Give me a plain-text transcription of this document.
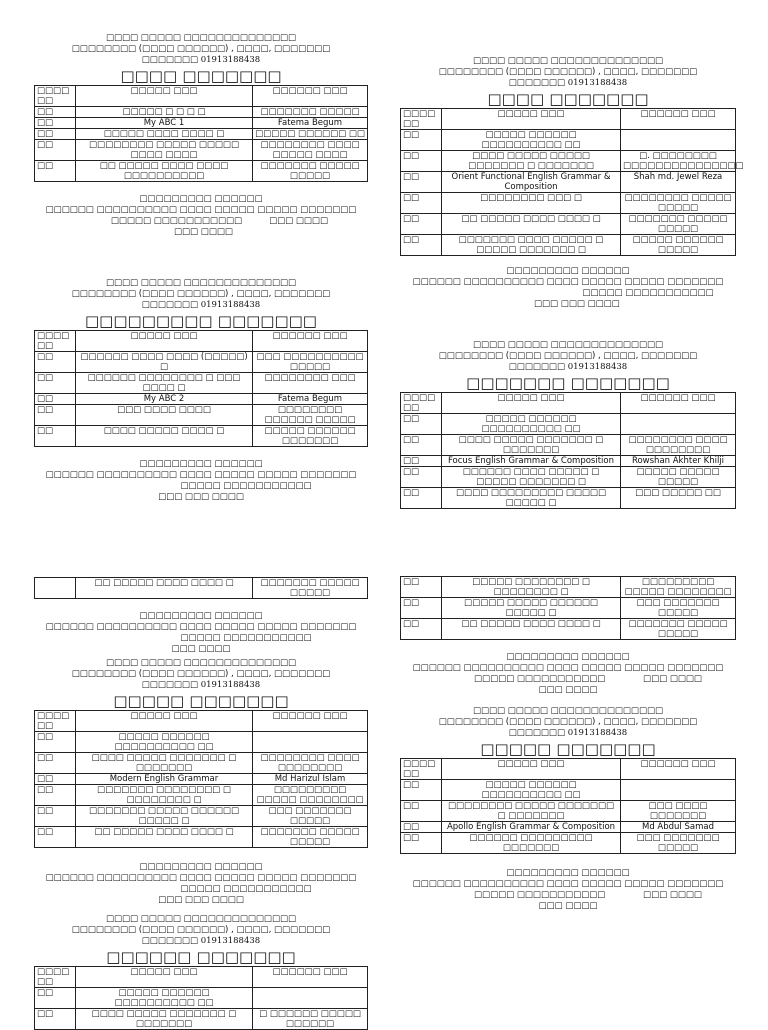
□□□□ □□□□□ □□□□□□□□□□□□□□
□□□□□□□□ (□□□□ □□□□□□) , □□□□, □□□□□□□
□□□□□□□ 01913188438
□□□□ □□□□□□□
□□□□ □□	□□□□□ □□□	□□□□□□ □□□
□□	□□□□□ □ □ □ □	□□□□□□□ □□□□□
□□	My ABC 1	Fatema Begum
□□	□□□□□ □□□□ □□□□ □	□□□□□ □□□□□□ □□
□□	□□□□□□□□ □□□□□ □□□□□ □□□□ □□□□	□□□□□□□□ □□□□ □□□□□ □□□□
□□	□□ □□□□□ □□□□ □□□□ □□□□□□□□□□	□□□□□□□ □□□□□ □□□□□
□□□□□□□□□ □□□□□□
□□□□□□ □□□□□□□□□□ □□□□ □□□□□ □□□□□ □□□□□□□
□□□□□ □□□□□□□□□□□	□□□ □□□□
□□□ □□□□
□□□□ □□□□□ □□□□□□□□□□□□□□
□□□□□□□□ (□□□□ □□□□□□) , □□□□, □□□□□□□
□□□□□□□ 01913188438
□□□□□□□□□ □□□□□□□
□□□□ □□	□□□□□ □□□	□□□□□□ □□□
□□	□□□□□□ □□□□ □□□□ (□□□□□) □	□□□ □□□□□□□□□□ □□□□□
□□	□□□□□□ □□□□□□□□ □ □□□ □□□□ □	□□□□□□□□ □□□
□□	My ABC 2	Fatema Begum
□□	□□□ □□□□ □□□□	□□□□□□□□ □□□□□□ □□□□□
□□	□□□□ □□□□□ □□□□ □	□□□□□ □□□□□□ □□□□□□□
□□□□□□□□□ □□□□□□
□□□□□□ □□□□□□□□□□ □□□□ □□□□□ □□□□□ □□□□□□□
□□□□□ □□□□□□□□□□□
□□□ □□□ □□□□
	□□ □□□□□ □□□□ □□□□ □	□□□□□□□ □□□□□ □□□□□
□□□□□□□□□ □□□□□□
□□□□□□ □□□□□□□□□□ □□□□ □□□□□ □□□□□ □□□□□□□
□□□□□ □□□□□□□□□□□
□□□ □□□□
□□□□ □□□□□ □□□□□□□□□□□□□□
□□□□□□□□ (□□□□ □□□□□□) , □□□□, □□□□□□□
□□□□□□□ 01913188438
□□□□□ □□□□□□□
□□□□ □□	□□□□□ □□□	□□□□□□ □□□
□□	□□□□□ □□□□□□ □□□□□□□□□□ □□	
□□	□□□□ □□□□□ □□□□□□□ □ □□□□□□□	□□□□□□□□ □□□□ □□□□□□□□
□□	Modern English Grammar	Md Harizul Islam
□□	□□□□□□□ □□□□□□□□ □ □□□□□□□□ □	□□□□□□□□□ □□□□□ □□□□□□□□
□□	□□□□□□□ □□□□□ □□□□□□ □□□□□ □	□□□ □□□□□□□ □□□□□
□□	□□ □□□□□ □□□□ □□□□ □	□□□□□□□ □□□□□ □□□□□
□□□□□□□□□ □□□□□□
□□□□□□ □□□□□□□□□□ □□□□ □□□□□ □□□□□ □□□□□□□
□□□□□ □□□□□□□□□□□
□□□ □□□ □□□□
□□□□ □□□□□ □□□□□□□□□□□□□□
□□□□□□□□ (□□□□ □□□□□□) , □□□□, □□□□□□□
□□□□□□□ 01913188438
□□□□□□ □□□□□□□
□□□□ □□	□□□□□ □□□	□□□□□□ □□□
□□	□□□□□ □□□□□□ □□□□□□□□□□ □□	
□□	□□□□ □□□□□ □□□□□□□ □ □□□□□□□	□ □□□□□□ □□□□□ □□□□□□
□□□□ □□□□□ □□□□□□□□□□□□□□
□□□□□□□□ (□□□□ □□□□□□) , □□□□, □□□□□□□
□□□□□□□ 01913188438
□□□□ □□□□□□□
□□□□ □□	□□□□□ □□□	□□□□□□ □□□
□□	□□□□□ □□□□□□ □□□□□□□□□□ □□	
□□	□□□□ □□□□□ □□□□□ □□□□□□□ □ □□□□□□□	□. □□□□□□□□ □□□□□□□□□□□□□□□
□□	Orient Functional English Grammar & Composition	Shah md. Jewel Reza
□□	□□□□□□□□ □□□ □	□□□□□□□□ □□□□□ □□□□□
□□	□□ □□□□□ □□□□ □□□□ □	□□□□□□□ □□□□□ □□□□□
□□	□□□□□□□ □□□□ □□□□□ □ □□□□□ □□□□□□□ □	□□□□□ □□□□□□ □□□□□
□□□□□□□□□ □□□□□□
□□□□□□ □□□□□□□□□□ □□□□ □□□□□ □□□□□ □□□□□□□
□□□□□ □□□□□□□□□□□
□□□ □□□ □□□□
□□□□ □□□□□ □□□□□□□□□□□□□□
□□□□□□□□ (□□□□ □□□□□□) , □□□□, □□□□□□□
□□□□□□□ 01913188438
□□□□□□□ □□□□□□□
□□□□ □□	□□□□□ □□□	□□□□□□ □□□
□□	□□□□□ □□□□□□ □□□□□□□□□□ □□	
□□	□□□□ □□□□□ □□□□□□□ □ □□□□□□□	□□□□□□□□ □□□□ □□□□□□□□
□□	Focus English Grammar & Composition	Rowshan Akhter Khilji
□□	□□□□□□ □□□□ □□□□□ □ □□□□□ □□□□□□□ □	□□□□□ □□□□□ □□□□□
□□	□□□□ □□□□□□□□□ □□□□□ □□□□□ □	□□□ □□□□□ □□
□□	□□□□□ □□□□□□□□ □ □□□□□□□□ □	□□□□□□□□□ □□□□□ □□□□□□□□
□□	□□□□□ □□□□□ □□□□□□ □□□□□ □	□□□ □□□□□□□ □□□□□
□□	□□ □□□□□ □□□□ □□□□ □	□□□□□□□ □□□□□ □□□□□
□□□□□□□□□ □□□□□□
□□□□□□ □□□□□□□□□□ □□□□ □□□□□ □□□□□ □□□□□□□
□□□□□ □□□□□□□□□□□	□□□ □□□□
□□□ □□□□
□□□□ □□□□□ □□□□□□□□□□□□□□
□□□□□□□□ (□□□□ □□□□□□) , □□□□, □□□□□□□
□□□□□□□ 01913188438
□□□□□ □□□□□□□
□□□□ □□	□□□□□ □□□	□□□□□□ □□□
□□	□□□□□ □□□□□□ □□□□□□□□□□ □□	
□□	□□□□□□□□ □□□□□ □□□□□□□ □ □□□□□□□	□□□ □□□□ □□□□□□□
□□	Apollo English Grammar & Composition	Md Abdul Samad
□□	□□□□□□ □□□□□□□□□ □□□□□□□	□□□ □□□□□□□ □□□□□
□□□□□□□□□ □□□□□□
□□□□□□ □□□□□□□□□□ □□□□ □□□□□ □□□□□ □□□□□□□
□□□□□ □□□□□□□□□□□	□□□ □□□□
□□□ □□□□
